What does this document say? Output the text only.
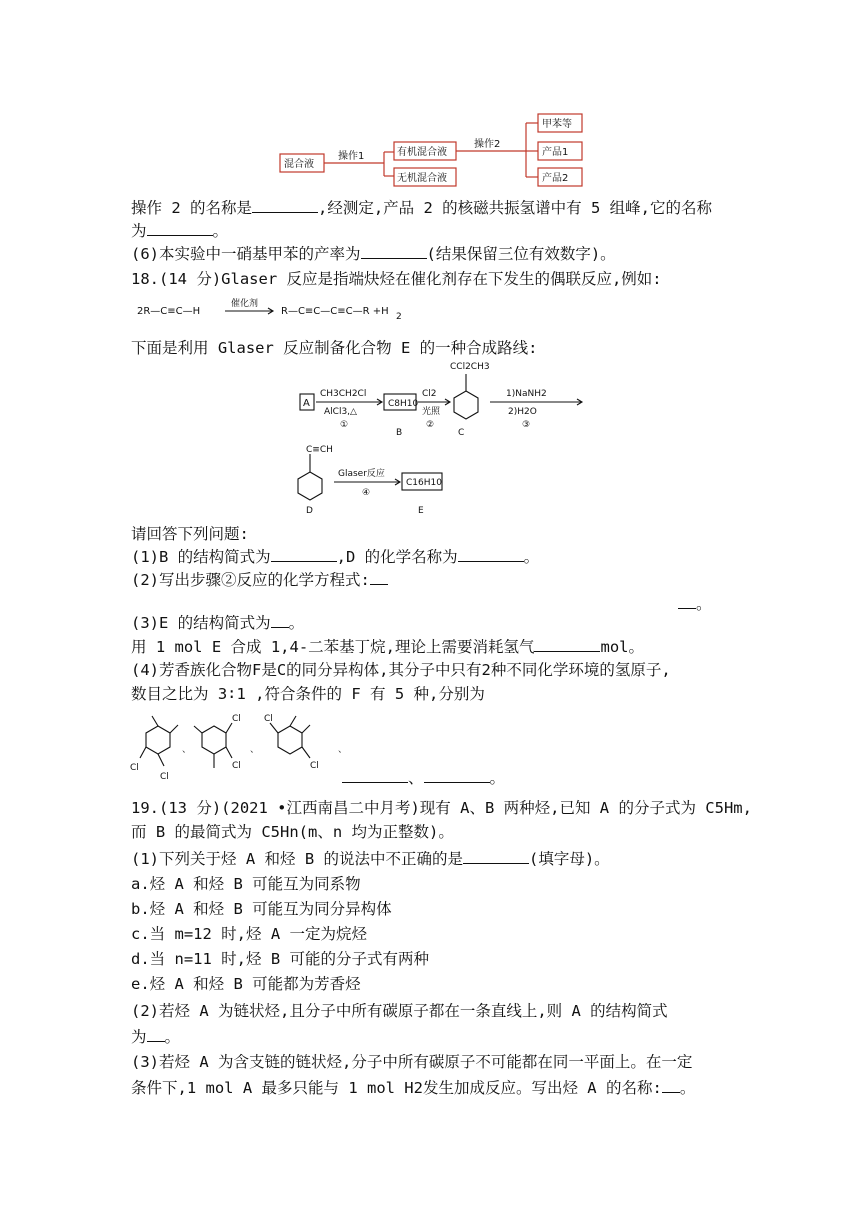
混合液
操作1	有机混合液
无机混合液
操作2
甲苯等
产品1
产品2
操作 2 的名称是	,经测定,产品 2 的核磁共振氢谱中有 5 组峰,它的名称
为	。
(6)本实验中一硝基甲苯的产率为	(结果保留三位有效数字)。
18.(14 分)Glaser 反应是指端炔烃在催化剂存在下发生的偶联反应,例如:
2R—C≡C—H
催化剂
R—C≡C—C≡C—R +H 2
下面是利用 Glaser 反应制备化合物 E 的一种合成路线:
A
CH3CH2Cl
AlCl3,△
①
C8H10
B
Cl2
光照
②
CCl2CH3
C
1)NaNH2
2)H2O
③
C≡CH
D
Glaser反应
④
C16H10
E
请回答下列问题:
(1)B 的结构简式为	,D 的化学名称为	。
(2)写出步骤②反应的化学方程式:
。
(3)E 的结构简式为 。
用 1 mol E 合成 1,4-二苯基丁烷,理论上需要消耗氢气	mol。
(4)芳香族化合物F是C的同分异构体,其分子中只有2种不同化学环境的氢原子,
数目之比为 3∶1 ,符合条件的 F 有 5 种,分别为
Cl
Cl
、
Cl
Cl
、
Cl
Cl
、
、	。
19.(13 分)(2021 •江西南昌二中月考)现有 A、B 两种烃,已知 A 的分子式为 C5Hm,
而 B 的最简式为 C5Hn(m、n 均为正整数)。
(1)下列关于烃 A 和烃 B 的说法中不正确的是	(填字母)。
a.烃 A 和烃 B 可能互为同系物
b.烃 A 和烃 B 可能互为同分异构体
c.当 m=12 时,烃 A 一定为烷烃
d.当 n=11 时,烃 B 可能的分子式有两种
e.烃 A 和烃 B 可能都为芳香烃
(2)若烃 A 为链状烃,且分子中所有碳原子都在一条直线上,则 A 的结构简式
为 。
(3)若烃 A 为含支链的链状烃,分子中所有碳原子不可能都在同一平面上。在一定
条件下,1 mol A 最多只能与 1 mol H2发生加成反应。写出烃 A 的名称: 。
